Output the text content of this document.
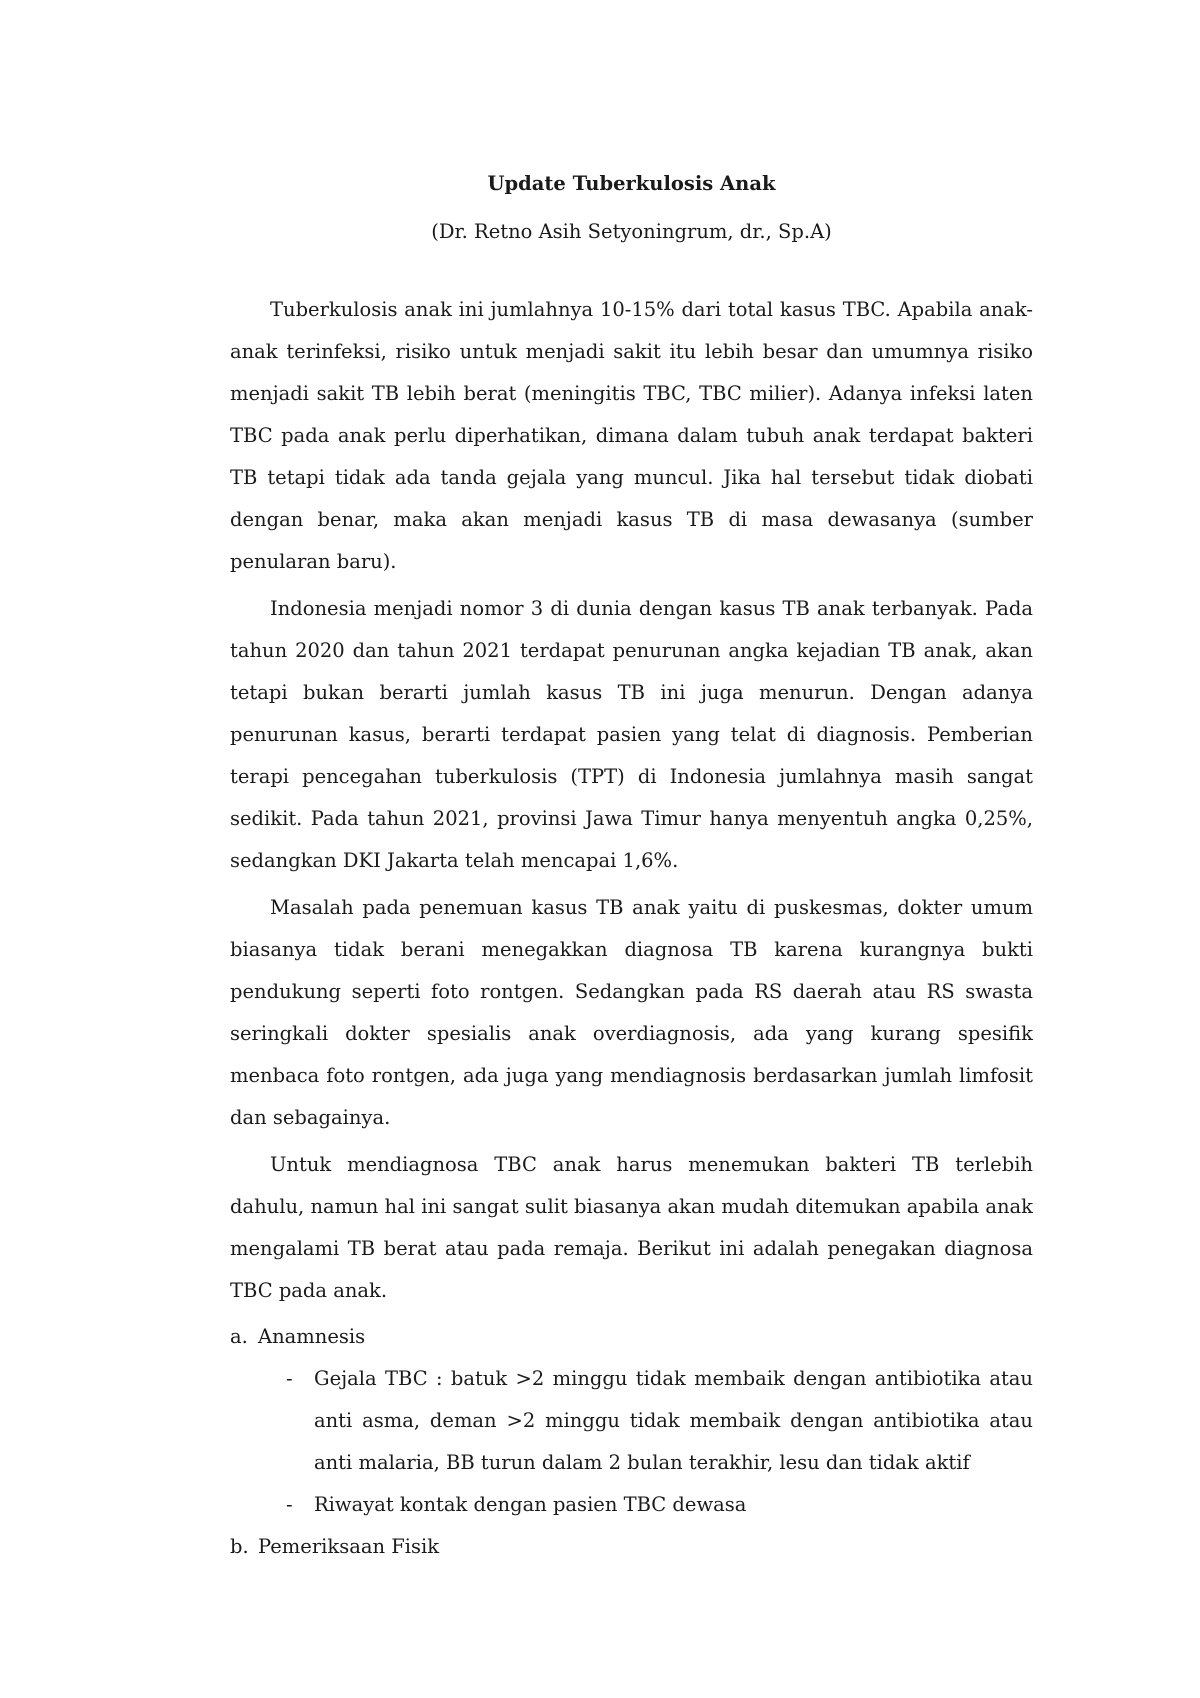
Update Tuberkulosis Anak

(Dr. Retno Asih Setyoningrum, dr., Sp.A)

Tuberkulosis anak ini jumlahnya 10-15% dari total kasus TBC. Apabila anak-anak terinfeksi, risiko untuk menjadi sakit itu lebih besar dan umumnya risiko menjadi sakit TB lebih berat (meningitis TBC, TBC milier). Adanya infeksi laten TBC pada anak perlu diperhatikan, dimana dalam tubuh anak terdapat bakteri TB tetapi tidak ada tanda gejala yang muncul. Jika hal tersebut tidak diobati dengan benar, maka akan menjadi kasus TB di masa dewasanya (sumber penularan baru).

Indonesia menjadi nomor 3 di dunia dengan kasus TB anak terbanyak. Pada tahun 2020 dan tahun 2021 terdapat penurunan angka kejadian TB anak, akan tetapi bukan berarti jumlah kasus TB ini juga menurun. Dengan adanya penurunan kasus, berarti terdapat pasien yang telat di diagnosis. Pemberian terapi pencegahan tuberkulosis (TPT) di Indonesia jumlahnya masih sangat sedikit. Pada tahun 2021, provinsi Jawa Timur hanya menyentuh angka 0,25%, sedangkan DKI Jakarta telah mencapai 1,6%.

Masalah pada penemuan kasus TB anak yaitu di puskesmas, dokter umum biasanya tidak berani menegakkan diagnosa TB karena kurangnya bukti pendukung seperti foto rontgen. Sedangkan pada RS daerah atau RS swasta seringkali dokter spesialis anak overdiagnosis, ada yang kurang spesifik menbaca foto rontgen, ada juga yang mendiagnosis berdasarkan jumlah limfosit dan sebagainya.

Untuk mendiagnosa TBC anak harus menemukan bakteri TB terlebih dahulu, namun hal ini sangat sulit biasanya akan mudah ditemukan apabila anak mengalami TB berat atau pada remaja. Berikut ini adalah penegakan diagnosa TBC pada anak.

a. Anamnesis
- Gejala TBC : batuk >2 minggu tidak membaik dengan antibiotika atau anti asma, deman >2 minggu tidak membaik dengan antibiotika atau anti malaria, BB turun dalam 2 bulan terakhir, lesu dan tidak aktif
- Riwayat kontak dengan pasien TBC dewasa
b. Pemeriksaan Fisik
